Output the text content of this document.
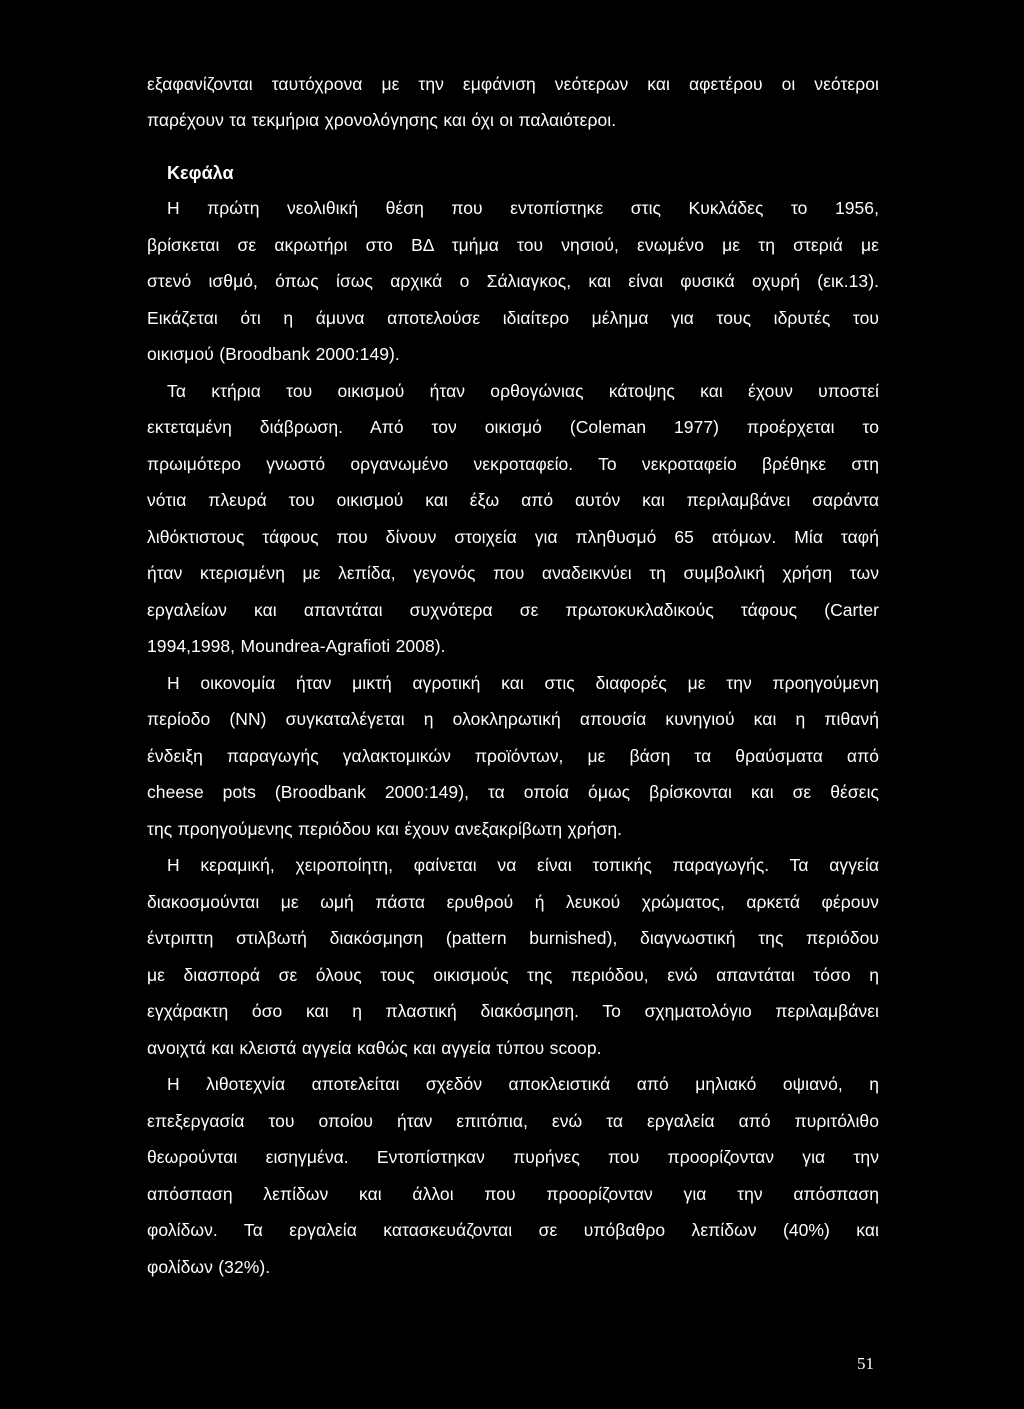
εξαφανίζονται ταυτόχρονα με την εμφάνιση νεότερων και αφετέρου οι νεότεροι
παρέχουν τα τεκμήρια χρονολόγησης και όχι οι παλαιότεροι.
Κεφάλα
Η πρώτη νεολιθική θέση που εντοπίστηκε στις Κυκλάδες το 1956,
βρίσκεται σε ακρωτήρι στο ΒΔ τμήμα του νησιού, ενωμένο με τη στεριά με
στενό ισθμό, όπως ίσως αρχικά ο Σάλιαγκος, και είναι φυσικά οχυρή (εικ.13).
Εικάζεται ότι η άμυνα αποτελούσε ιδιαίτερο μέλημα για τους ιδρυτές του
οικισμού (Broodbank 2000:149).
Τα κτήρια του οικισμού ήταν ορθογώνιας κάτοψης και έχουν υποστεί
εκτεταμένη διάβρωση. Από τον οικισμό (Coleman 1977) προέρχεται το
πρωιμότερο γνωστό οργανωμένο νεκροταφείο. Το νεκροταφείο βρέθηκε στη
νότια πλευρά του οικισμού και έξω από αυτόν και περιλαμβάνει σαράντα
λιθόκτιστους τάφους που δίνουν στοιχεία για πληθυσμό 65 ατόμων. Μία ταφή
ήταν κτερισμένη με λεπίδα, γεγονός που αναδεικνύει τη συμβολική χρήση των
εργαλείων και απαντάται συχνότερα σε πρωτοκυκλαδικούς τάφους (Carter
1994,1998, Moundrea-Agrafioti 2008).
Η οικονομία ήταν μικτή αγροτική και στις διαφορές με την προηγούμενη
περίοδο (ΝΝ) συγκαταλέγεται η ολοκληρωτική απουσία κυνηγιού και η πιθανή
ένδειξη παραγωγής γαλακτομικών προϊόντων, με βάση τα θραύσματα από
cheese pots (Broodbank 2000:149), τα οποία όμως βρίσκονται και σε θέσεις
της προηγούμενης περιόδου και έχουν ανεξακρίβωτη χρήση.
Η κεραμική, χειροποίητη, φαίνεται να είναι τοπικής παραγωγής. Τα αγγεία
διακοσμούνται με ωμή πάστα ερυθρού ή λευκού χρώματος, αρκετά φέρουν
έντριπτη στιλβωτή διακόσμηση (pattern burnished), διαγνωστική της περιόδου
με διασπορά σε όλους τους οικισμούς της περιόδου, ενώ απαντάται τόσο η
εγχάρακτη όσο και η πλαστική διακόσμηση. Το σχηματολόγιο περιλαμβάνει
ανοιχτά και κλειστά αγγεία καθώς και αγγεία τύπου scoop.
Η λιθοτεχνία αποτελείται σχεδόν αποκλειστικά από μηλιακό οψιανό, η
επεξεργασία του οποίου ήταν επιτόπια, ενώ τα εργαλεία από πυριτόλιθο
θεωρούνται εισηγμένα. Εντοπίστηκαν πυρήνες που προορίζονταν για την
απόσπαση λεπίδων και άλλοι που προορίζονταν για την απόσπαση
φολίδων. Τα εργαλεία κατασκευάζονται σε υπόβαθρο λεπίδων (40%) και
φολίδων (32%).
51
